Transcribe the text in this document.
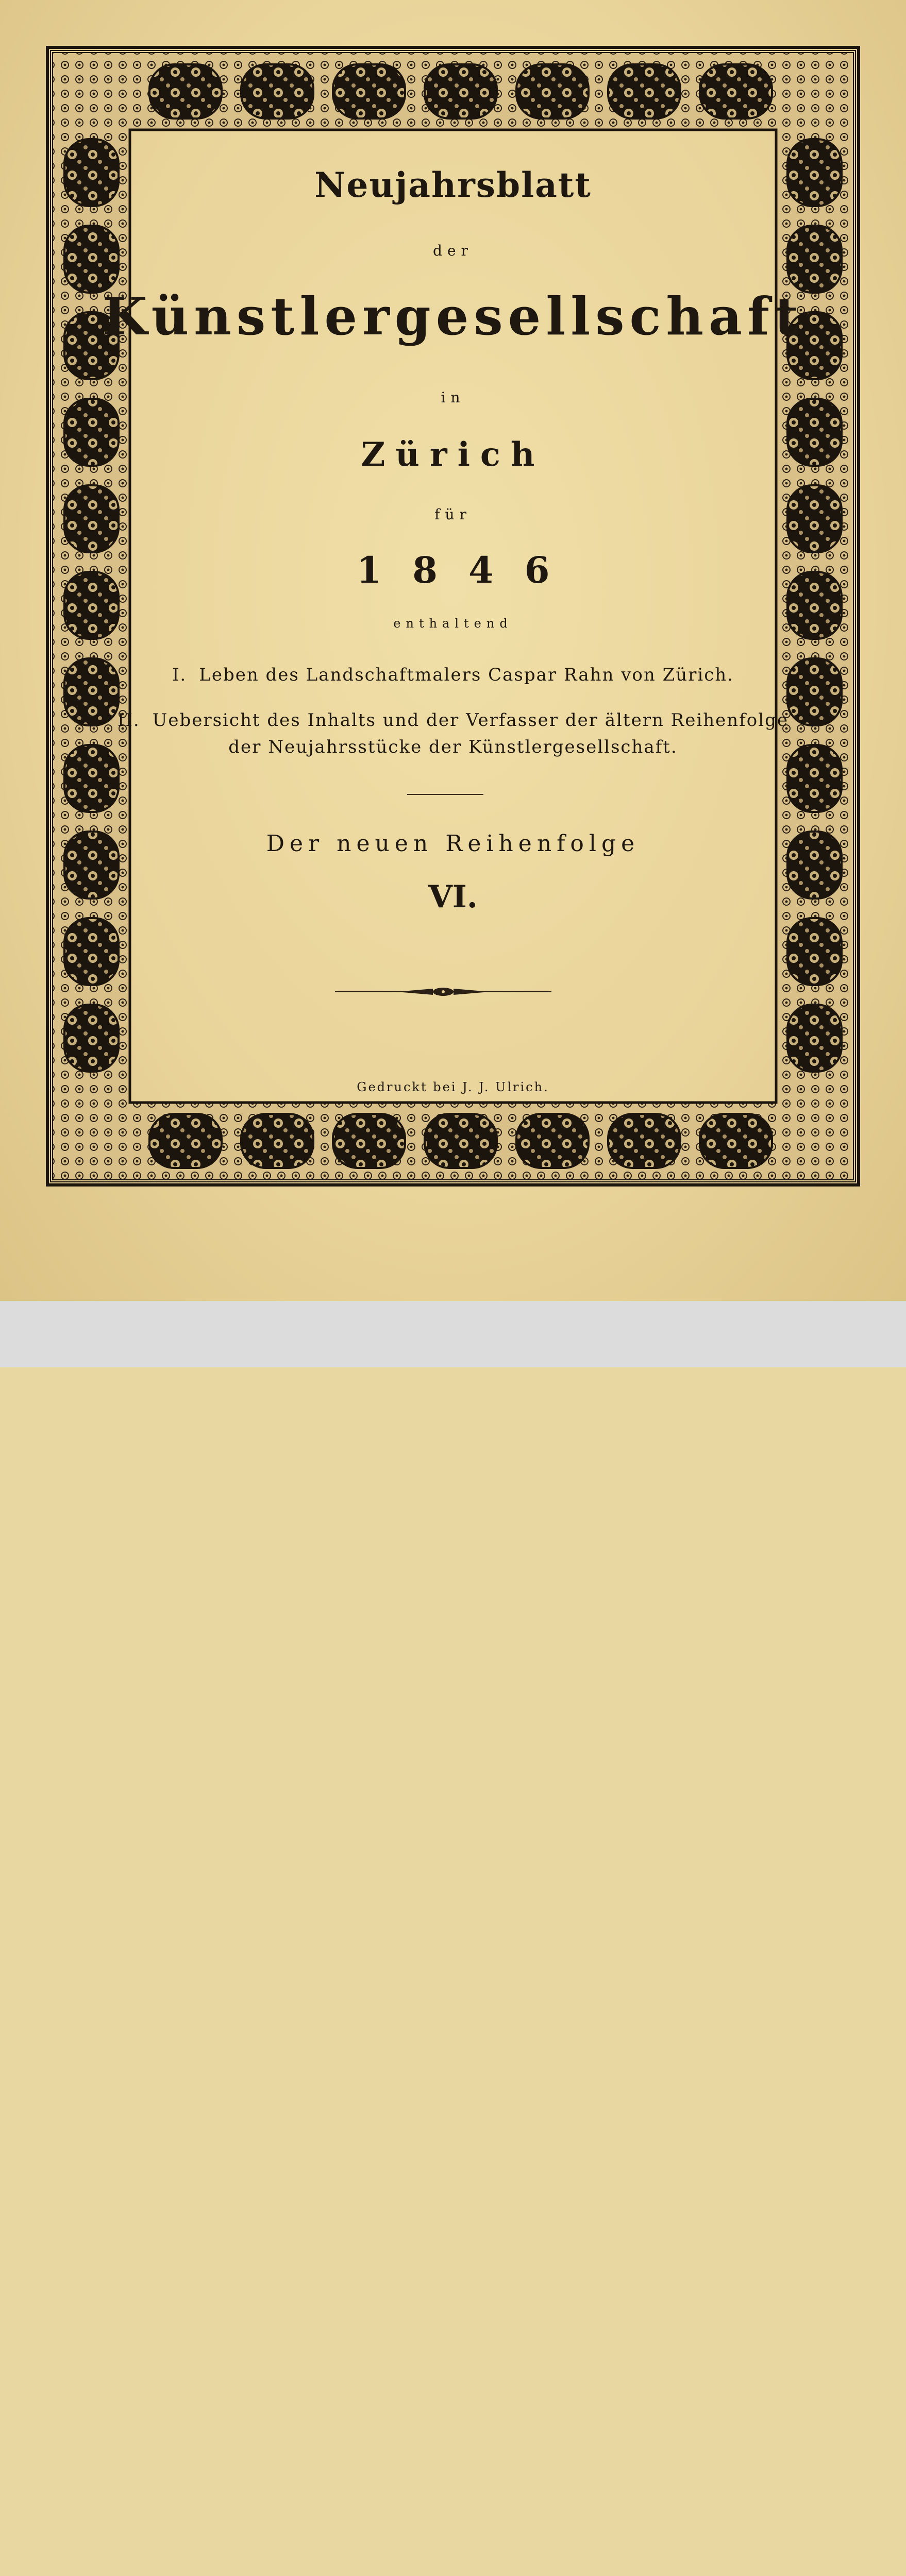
Neujahrsblatt
der
Künstlergesellschaft
in
Zürich
für
1846
enthaltend
I. Leben des Landschaftmalers Caspar Rahn von Zürich.
II. Uebersicht des Inhalts und der Verfasser der ältern Reihenfolge
der Neujahrsstücke der Künstlergesellschaft.
Der neuen Reihenfolge
VI.
Gedruckt bei J. J. Ulrich.
